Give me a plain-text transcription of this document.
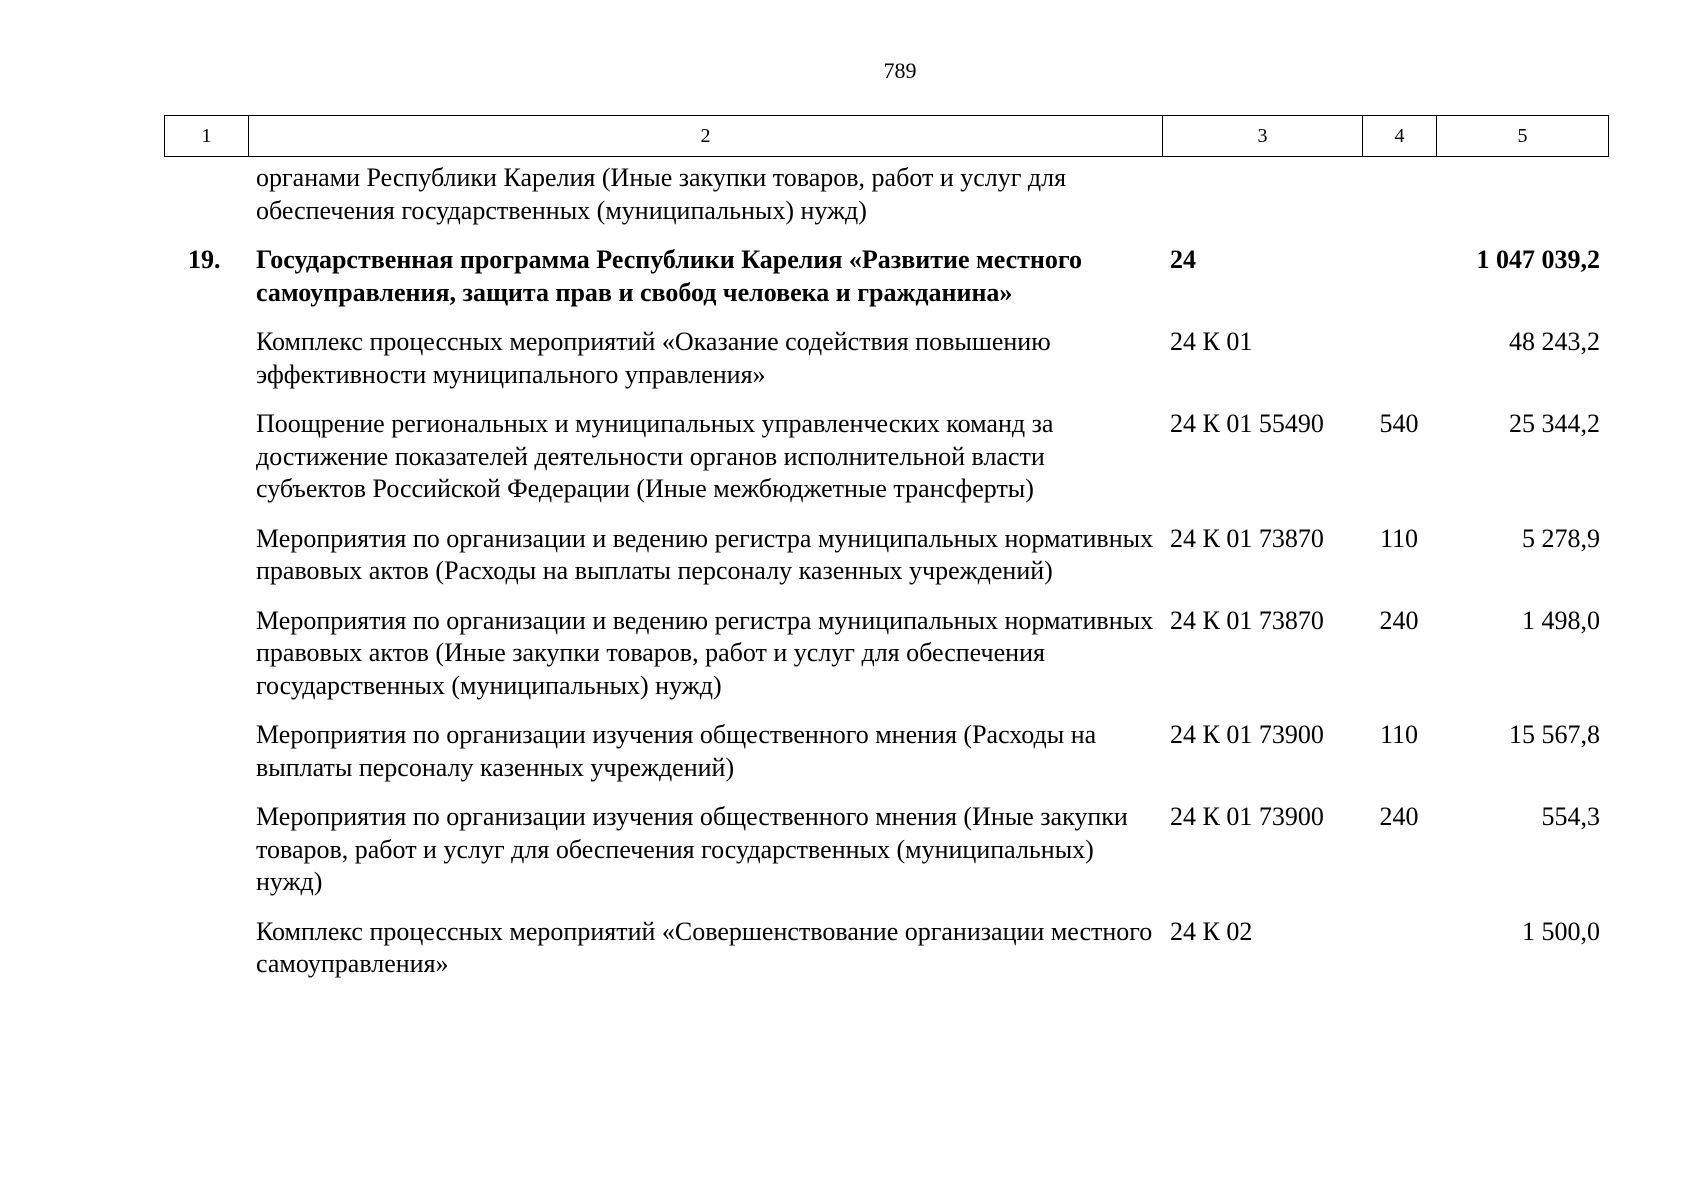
789
1	2	3	4	5
	органами Республики Карелия (Иные закупки товаров, работ и услуг для обеспечения государственных (муниципальных) нужд)			
19.	Государственная программа Республики Карелия «Развитие местного самоуправления, защита прав и свобод человека и гражданина»	24		1 047 039,2
	Комплекс процессных мероприятий «Оказание содействия повышению эффективности муниципального управления»	24 К 01		48 243,2
	Поощрение региональных и муниципальных управленческих команд за достижение показателей деятельности органов исполнительной власти субъектов Российской Федерации (Иные межбюджетные трансферты)	24 К 01 55490	540	25 344,2
	Мероприятия по организации и ведению регистра муниципальных нормативных правовых актов (Расходы на выплаты персоналу казенных учреждений)	24 К 01 73870	110	5 278,9
	Мероприятия по организации и ведению регистра муниципальных нормативных правовых актов (Иные закупки товаров, работ и услуг для обеспечения государственных (муниципальных) нужд)	24 К 01 73870	240	1 498,0
	Мероприятия по организации изучения общественного мнения (Расходы на выплаты персоналу казенных учреждений)	24 К 01 73900	110	15 567,8
	Мероприятия по организации изучения общественного мнения (Иные закупки товаров, работ и услуг для обеспечения государственных (муниципальных) нужд)	24 К 01 73900	240	554,3
	Комплекс процессных мероприятий «Совершенствование организации местного самоуправления»	24 К 02		1 500,0
